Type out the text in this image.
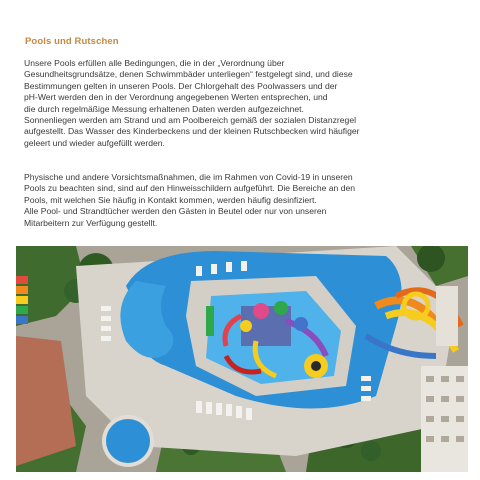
Pools und Rutschen

Unsere Pools erfüllen alle Bedingungen, die in der „Verordnung über
Gesundheitsgrundsätze, denen Schwimmbäder unterliegen“ festgelegt sind, und diese
Bestimmungen gelten in unseren Pools. Der Chlorgehalt des Poolwassers und der
pH-Wert werden den in der Verordnung angegebenen Werten entsprechen, und
die durch regelmäßige Messung erhaltenen Daten werden aufgezeichnet.
Sonnenliegen werden am Strand und am Poolbereich gemäß der sozialen Distanzregel
aufgestellt. Das Wasser des Kinderbeckens und der kleinen Rutschbecken wird häufiger
geleert und wieder aufgefüllt werden.

Physische und andere Vorsichtsmaßnahmen, die im Rahmen von Covid-19 in unseren
Pools zu beachten sind, sind auf den Hinweisschildern aufgeführt. Die Bereiche an den
Pools, mit welchen Sie häufig in Kontakt kommen, werden häufig desinfiziert.
Alle Pool- und Strandtücher werden den Gästen in Beutel oder nur von unseren
Mitarbeitern zur Verfügung gestellt.
